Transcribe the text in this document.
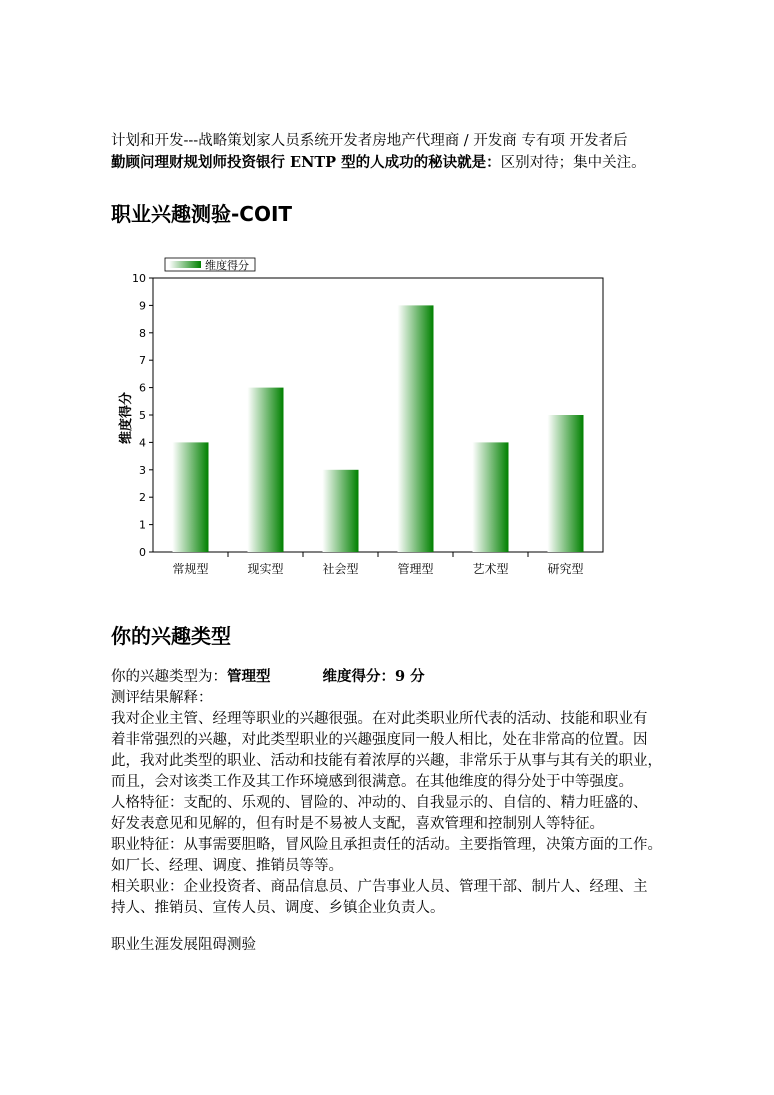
计划和开发---战略策划家人员系统开发者房地产代理商 / 开发商 专有项 开发者后
勤顾问理财规划师投资银行 ENTP 型的人成功的秘诀就是：区别对待；集中关注。
职业兴趣测验-COIT
0
1
2
3
4
5
6
7
8
9
10
常规型	现实型	社会型	管理型	艺术型	研究型
维度得分
维度得分
你的兴趣类型
你的兴趣类型为：管理型	维度得分：9 分
测评结果解释：
我对企业主管、经理等职业的兴趣很强。在对此类职业所代表的活动、技能和职业有
着非常强烈的兴趣，对此类型职业的兴趣强度同一般人相比，处在非常高的位置。因
此，我对此类型的职业、活动和技能有着浓厚的兴趣，非常乐于从事与其有关的职业，
而且，会对该类工作及其工作环境感到很满意。在其他维度的得分处于中等强度。
人格特征：支配的、乐观的、冒险的、冲动的、自我显示的、自信的、精力旺盛的、
好发表意见和见解的，但有时是不易被人支配，喜欢管理和控制别人等特征。
职业特征：从事需要胆略，冒风险且承担责任的活动。主要指管理，决策方面的工作。
如厂长、经理、调度、推销员等等。
相关职业：企业投资者、商品信息员、广告事业人员、管理干部、制片人、经理、主
持人、推销员、宣传人员、调度、乡镇企业负责人。
职业生涯发展阻碍测验
